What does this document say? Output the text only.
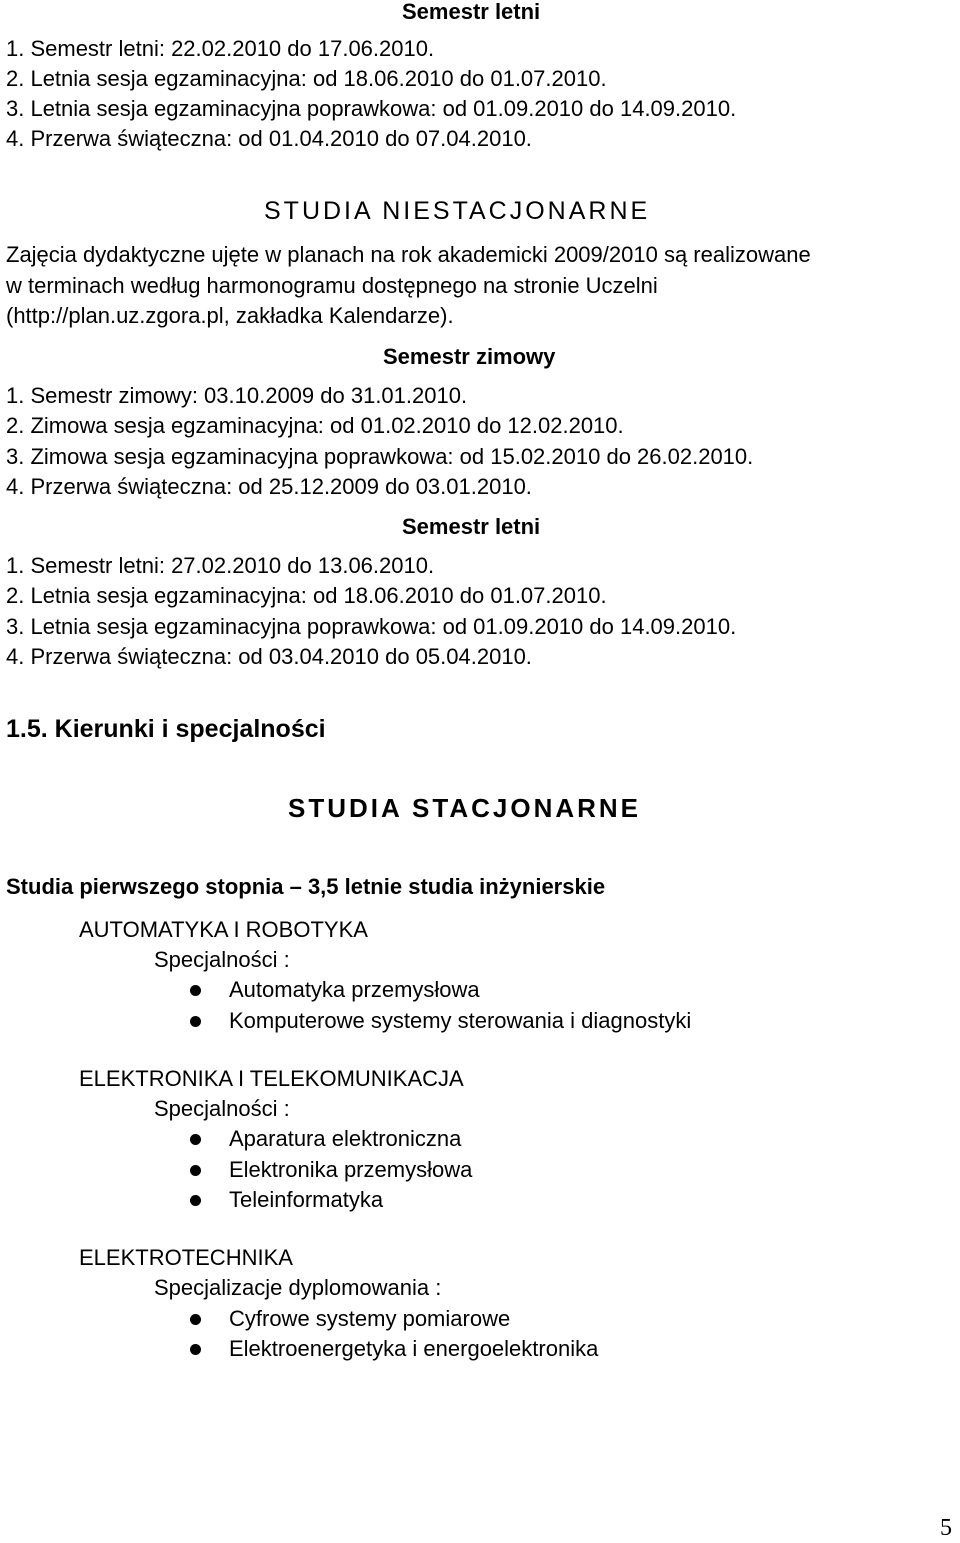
Semestr letni
1. Semestr letni: 22.02.2010 do 17.06.2010.
2. Letnia sesja egzaminacyjna: od 18.06.2010 do 01.07.2010.
3. Letnia sesja egzaminacyjna poprawkowa: od 01.09.2010 do 14.09.2010.
4. Przerwa świąteczna: od 01.04.2010 do 07.04.2010.
STUDIA NIESTACJONARNE
Zajęcia dydaktyczne ujęte w planach na rok akademicki 2009/2010 są realizowane
w terminach według harmonogramu dostępnego na stronie Uczelni
(http://plan.uz.zgora.pl, zakładka Kalendarze).
Semestr zimowy
1. Semestr zimowy: 03.10.2009 do 31.01.2010.
2. Zimowa sesja egzaminacyjna: od 01.02.2010 do 12.02.2010.
3. Zimowa sesja egzaminacyjna poprawkowa: od 15.02.2010 do 26.02.2010.
4. Przerwa świąteczna: od 25.12.2009 do 03.01.2010.
Semestr letni
1. Semestr letni: 27.02.2010 do 13.06.2010.
2. Letnia sesja egzaminacyjna: od 18.06.2010 do 01.07.2010.
3. Letnia sesja egzaminacyjna poprawkowa: od 01.09.2010 do 14.09.2010.
4. Przerwa świąteczna: od 03.04.2010 do 05.04.2010.
1.5. Kierunki i specjalności
STUDIA STACJONARNE
Studia pierwszego stopnia – 3,5 letnie studia inżynierskie
AUTOMATYKA I ROBOTYKA
Specjalności :
Automatyka przemysłowa
Komputerowe systemy sterowania i diagnostyki
ELEKTRONIKA I TELEKOMUNIKACJA
Specjalności :
Aparatura elektroniczna
Elektronika przemysłowa
Teleinformatyka
ELEKTROTECHNIKA
Specjalizacje dyplomowania :
Cyfrowe systemy pomiarowe
Elektroenergetyka i energoelektronika
5
